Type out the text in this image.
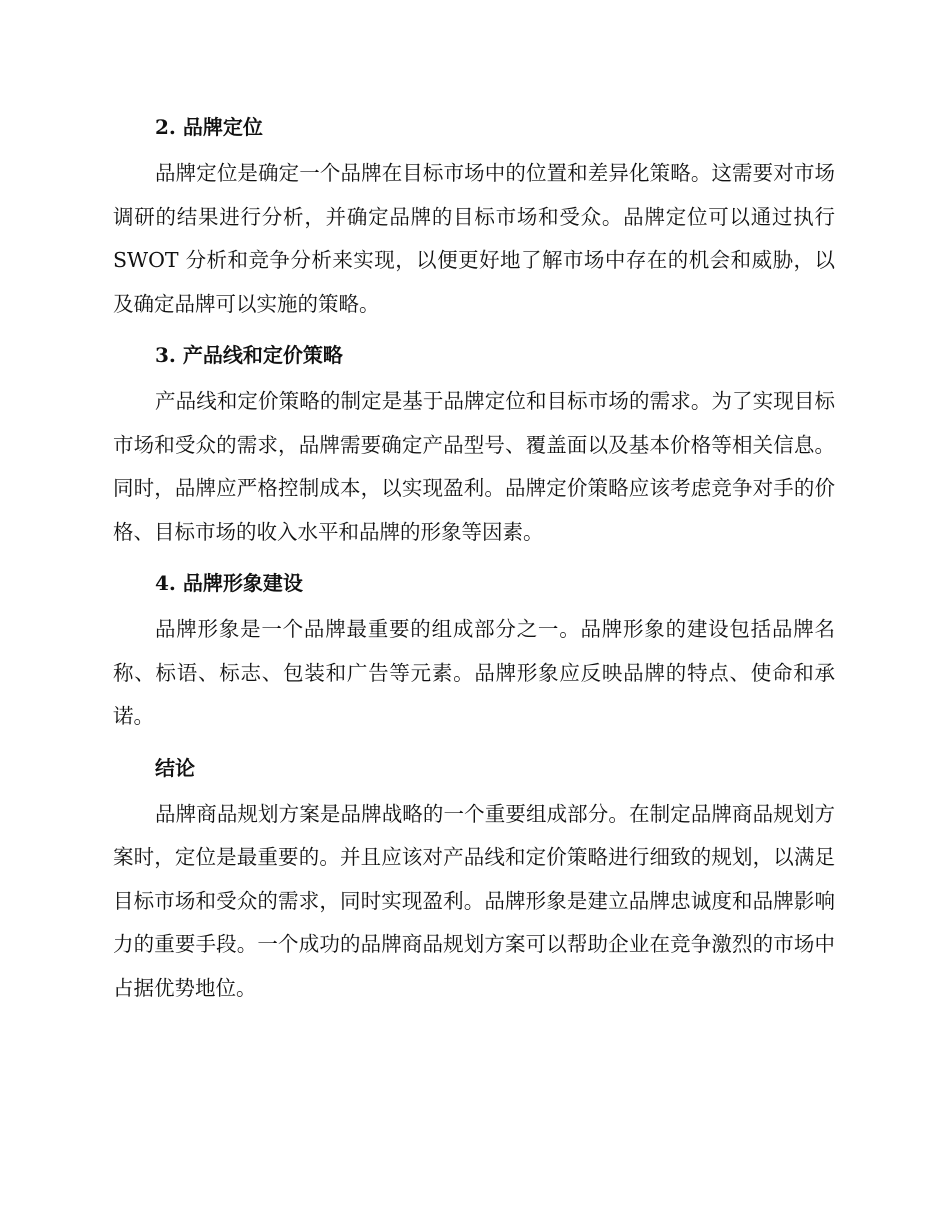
2. 品牌定位

品牌定位是确定一个品牌在目标市场中的位置和差异化策略。这需要对市场调研的结果进行分析，并确定品牌的目标市场和受众。品牌定位可以通过执行 SWOT 分析和竞争分析来实现，以便更好地了解市场中存在的机会和威胁，以及确定品牌可以实施的策略。

3. 产品线和定价策略

产品线和定价策略的制定是基于品牌定位和目标市场的需求。为了实现目标市场和受众的需求，品牌需要确定产品型号、覆盖面以及基本价格等相关信息。同时，品牌应严格控制成本，以实现盈利。品牌定价策略应该考虑竞争对手的价格、目标市场的收入水平和品牌的形象等因素。

4. 品牌形象建设

品牌形象是一个品牌最重要的组成部分之一。品牌形象的建设包括品牌名称、标语、标志、包装和广告等元素。品牌形象应反映品牌的特点、使命和承诺。

结论

品牌商品规划方案是品牌战略的一个重要组成部分。在制定品牌商品规划方案时，定位是最重要的。并且应该对产品线和定价策略进行细致的规划，以满足目标市场和受众的需求，同时实现盈利。品牌形象是建立品牌忠诚度和品牌影响力的重要手段。一个成功的品牌商品规划方案可以帮助企业在竞争激烈的市场中占据优势地位。
